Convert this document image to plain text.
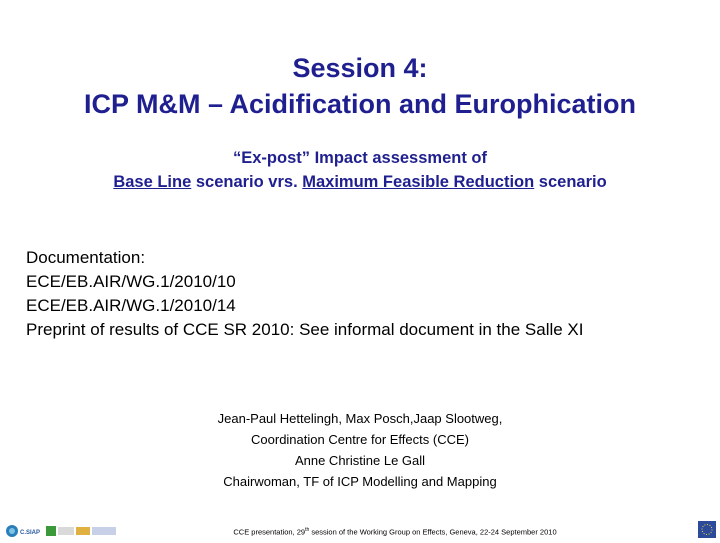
Session 4:
ICP M&M – Acidification and Europhication
“Ex-post” Impact assessment of
Base Line scenario vrs. Maximum Feasible Reduction scenario
Documentation:
ECE/EB.AIR/WG.1/2010/10
ECE/EB.AIR/WG.1/2010/14
Preprint of results of CCE SR 2010: See informal document in the Salle XI
Jean-Paul Hettelingh, Max Posch,Jaap Slootweg,
Coordination Centre for Effects (CCE)
Anne Christine Le Gall
Chairwoman, TF of ICP Modelling and Mapping
C.SIAP	CCE presentation, 29th session of the Working Group on Effects, Geneva, 22-24 September 2010
